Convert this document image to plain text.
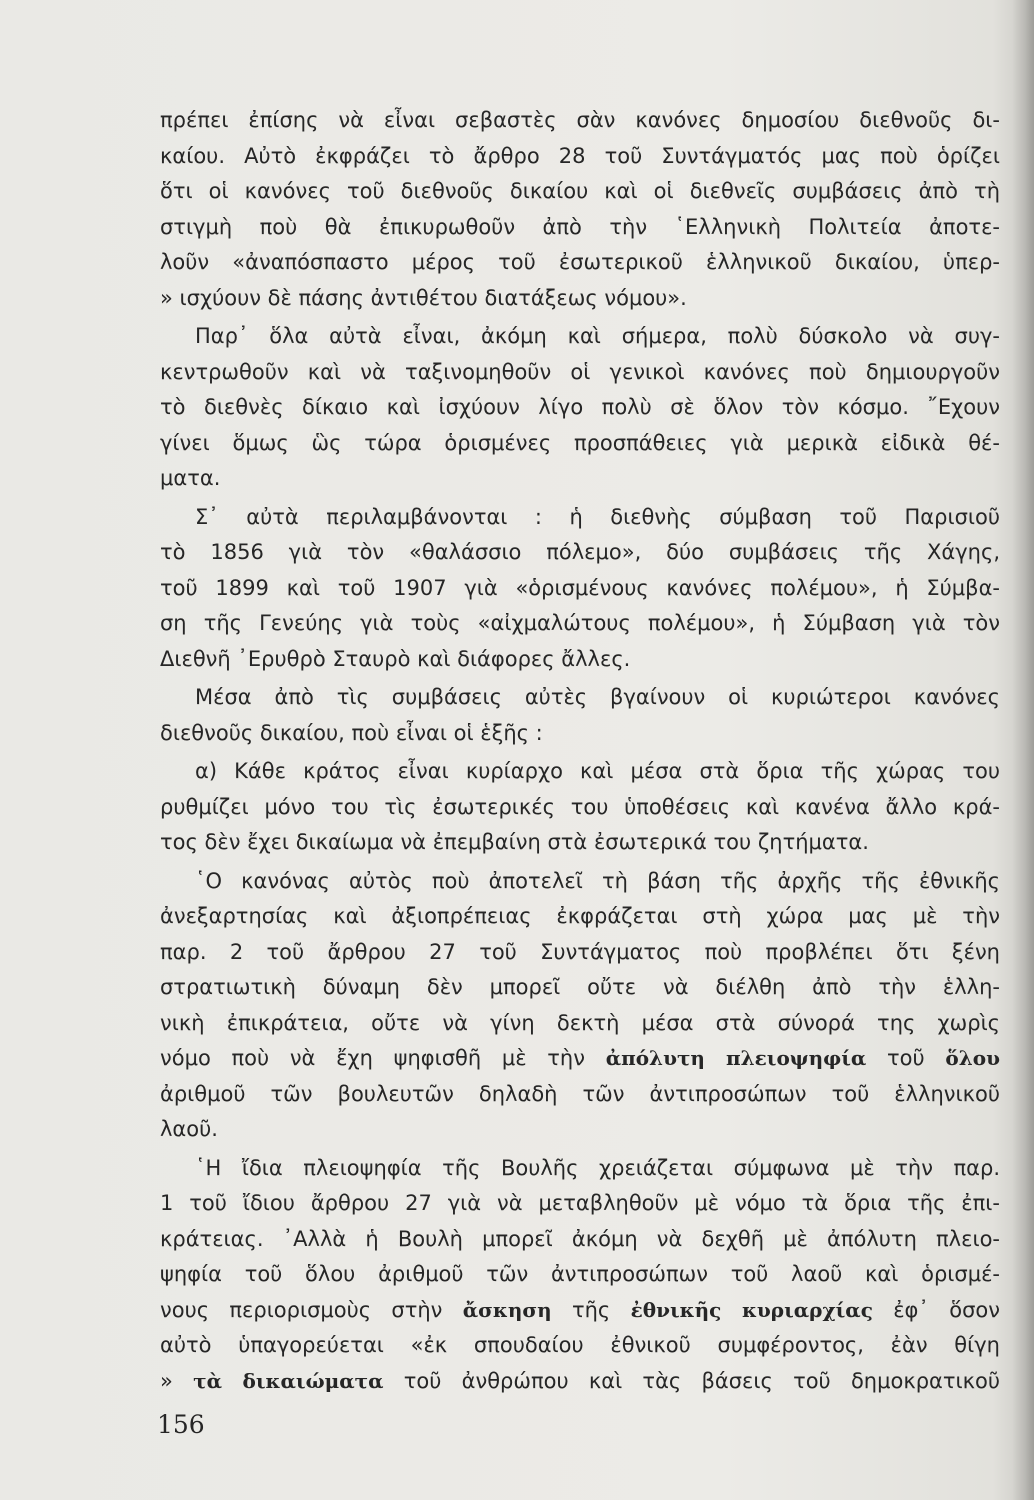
πρέπει ἐπίσης νὰ εἶναι σεβαστὲς σὰν κανόνες δημοσίου διεθνοῦς δι-
καίου. Αὐτὸ ἐκφράζει τὸ ἄρθρο 28 τοῦ Συντάγματός μας ποὺ ὁρίζει
ὅτι οἱ κανόνες τοῦ διεθνοῦς δικαίου καὶ οἱ διεθνεῖς συμβάσεις ἀπὸ τὴ
στιγμὴ ποὺ θὰ ἐπικυρωθοῦν ἀπὸ τὴν ῾Ελληνικὴ Πολιτεία ἀποτε-
λοῦν «ἀναπόσπαστο μέρος τοῦ ἐσωτερικοῦ ἑλληνικοῦ δικαίου, ὑπερ-
» ισχύουν δὲ πάσης ἀντιθέτου διατάξεως νόμου».
Παρ᾽ ὅλα αὐτὰ εἶναι, ἀκόμη καὶ σήμερα, πολὺ δύσκολο νὰ συγ-
κεντρωθοῦν καὶ νὰ ταξινομηθοῦν οἱ γενικοὶ κανόνες ποὺ δημιουργοῦν
τὸ διεθνὲς δίκαιο καὶ ἰσχύουν λίγο πολὺ σὲ ὅλον τὸν κόσμο. ῎Εχουν
γίνει ὅμως ὣς τώρα ὁρισμένες προσπάθειες γιὰ μερικὰ εἰδικὰ θέ-
ματα.
Σ᾽ αὐτὰ περιλαμβάνονται : ἡ διεθνὴς σύμβαση τοῦ Παρισιοῦ
τὸ 1856 γιὰ τὸν «θαλάσσιο πόλεμο», δύο συμβάσεις τῆς Χάγης,
τοῦ 1899 καὶ τοῦ 1907 γιὰ «ὁρισμένους κανόνες πολέμου», ἡ Σύμβα-
ση τῆς Γενεύης γιὰ τοὺς «αἰχμαλώτους πολέμου», ἡ Σύμβαση γιὰ τὸν
Διεθνῆ ᾽Ερυθρὸ Σταυρὸ καὶ διάφορες ἄλλες.
Μέσα ἀπὸ τὶς συμβάσεις αὐτὲς βγαίνουν οἱ κυριώτεροι κανόνες
διεθνοῦς δικαίου, ποὺ εἶναι οἱ ἑξῆς :
α) Κάθε κράτος εἶναι κυρίαρχο καὶ μέσα στὰ ὅρια τῆς χώρας του
ρυθμίζει μόνο του τὶς ἐσωτερικές του ὑποθέσεις καὶ κανένα ἄλλο κρά-
τος δὲν ἔχει δικαίωμα νὰ ἐπεμβαίνη στὰ ἐσωτερικά του ζητήματα.
῾Ο κανόνας αὐτὸς ποὺ ἀποτελεῖ τὴ βάση τῆς ἀρχῆς τῆς ἐθνικῆς
ἀνεξαρτησίας καὶ ἀξιοπρέπειας ἐκφράζεται στὴ χώρα μας μὲ τὴν
παρ. 2 τοῦ ἄρθρου 27 τοῦ Συντάγματος ποὺ προβλέπει ὅτι ξένη
στρατιωτικὴ δύναμη δὲν μπορεῖ οὔτε νὰ διέλθη ἀπὸ τὴν ἑλλη-
νικὴ ἐπικράτεια, οὔτε νὰ γίνη δεκτὴ μέσα στὰ σύνορά της χωρὶς
νόμο ποὺ νὰ ἔχη ψηφισθῆ μὲ τὴν ἀπόλυτη πλειοψηφία τοῦ ὅλου
ἀριθμοῦ τῶν βουλευτῶν δηλαδὴ τῶν ἀντιπροσώπων τοῦ ἑλληνικοῦ
λαοῦ.
῾Η ἴδια πλειοψηφία τῆς Βουλῆς χρειάζεται σύμφωνα μὲ τὴν παρ.
1 τοῦ ἴδιου ἄρθρου 27 γιὰ νὰ μεταβληθοῦν μὲ νόμο τὰ ὅρια τῆς ἐπι-
κράτειας. ᾽Αλλὰ ἡ Βουλὴ μπορεῖ ἀκόμη νὰ δεχθῆ μὲ ἀπόλυτη πλειο-
ψηφία τοῦ ὅλου ἀριθμοῦ τῶν ἀντιπροσώπων τοῦ λαοῦ καὶ ὁρισμέ-
νους περιορισμοὺς στὴν ἄσκηση τῆς ἐθνικῆς κυριαρχίας ἐφ᾽ ὅσον
αὐτὸ ὑπαγορεύεται «ἐκ σπουδαίου ἐθνικοῦ συμφέροντος, ἐὰν θίγη
» τὰ δικαιώματα τοῦ ἀνθρώπου καὶ τὰς βάσεις τοῦ δημοκρατικοῦ
156
